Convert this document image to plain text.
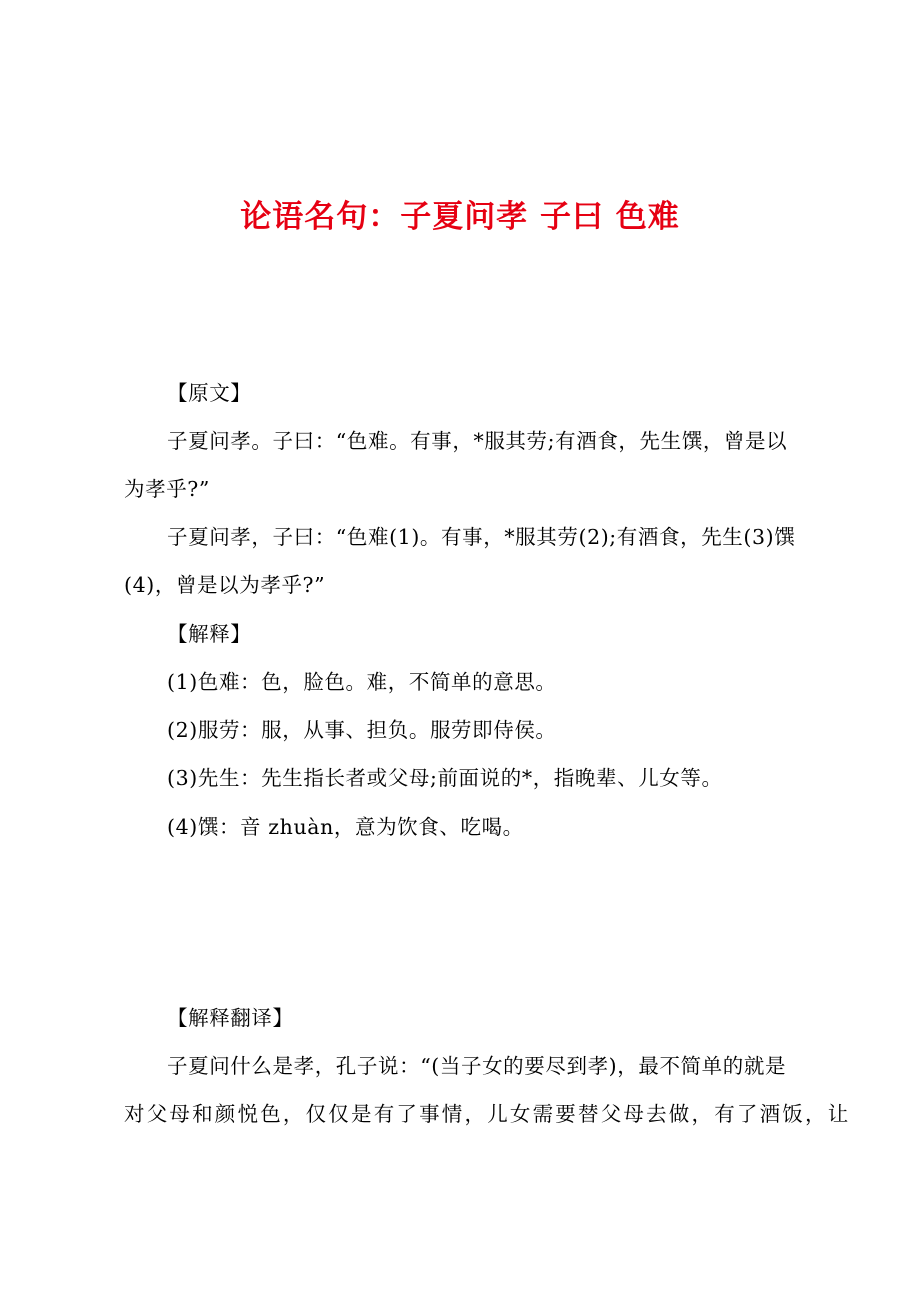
论语名句：子夏问孝 子曰 色难

【原文】

子夏问孝。子曰：“色难。有事，*服其劳;有酒食，先生馔，曾是以

为孝乎?”

子夏问孝，子曰：“色难(1)。有事，*服其劳(2);有酒食，先生(3)馔

(4)，曾是以为孝乎?”

【解释】

(1)色难：色，脸色。难，不简单的意思。

(2)服劳：服，从事、担负。服劳即侍侯。

(3)先生：先生指长者或父母;前面说的*，指晚辈、儿女等。

(4)馔：音 zhuàn，意为饮食、吃喝。

【解释翻译】

子夏问什么是孝，孔子说：“(当子女的要尽到孝)，最不简单的就是

对父母和颜悦色，仅仅是有了事情，儿女需要替父母去做，有了酒饭，让
